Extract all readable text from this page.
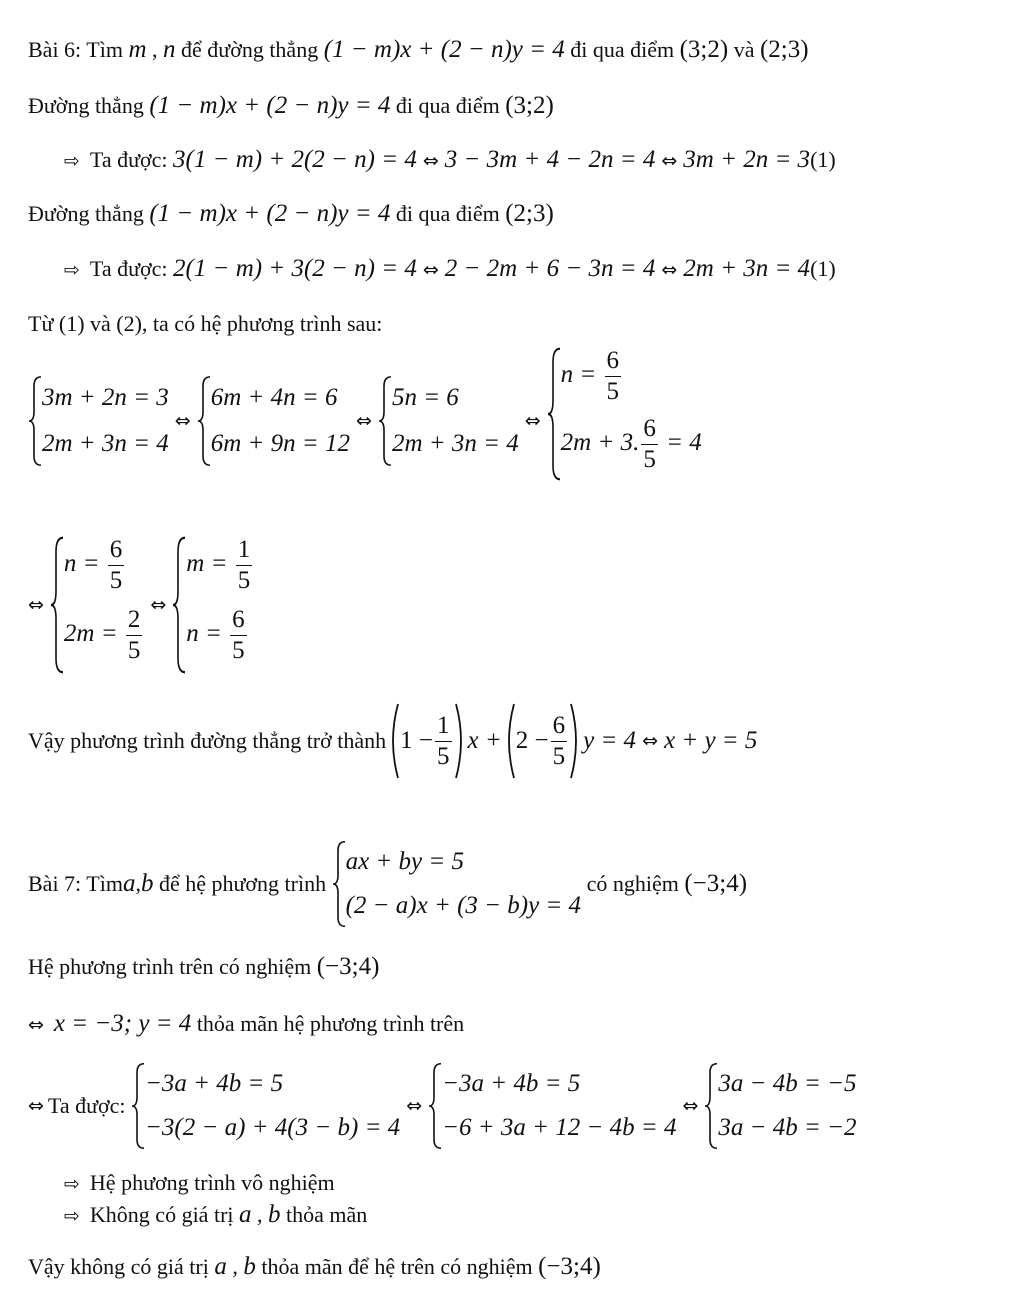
Bài 6: Tìm m , n để đường thẳng (1 − m)x + (2 − n)y = 4 đi qua điểm (3;2) và (2;3)
Đường thẳng (1 − m)x + (2 − n)y = 4 đi qua điểm (3;2)
⇨ Ta được: 3(1 − m) + 2(2 − n) = 4 ⇔ 3 − 3m + 4 − 2n = 4 ⇔ 3m + 2n = 3(1)
Đường thẳng (1 − m)x + (2 − n)y = 4 đi qua điểm (2;3)
⇨ Ta được: 2(1 − m) + 3(2 − n) = 4 ⇔ 2 − 2m + 6 − 3n = 4 ⇔ 2m + 3n = 4(1)
Từ (1) và (2), ta có hệ phương trình sau:
3m + 2n = 3
2m + 3n = 4
⇔
6m + 4n = 6
6m + 9n = 12
⇔
5n = 6
2m + 3n = 4
⇔
$n = \frac{6}{5}$
2m + 3. $\frac{6}{5} = 4$
⇔
$n = \frac{6}{5}$
$2m = \frac{2}{5}$ ⇔
$m = \frac{1}{5}$
$n = \frac{6}{5}$
Vậy phương trình đường thẳng trở thành $1 - \frac{1}{5}$ $x + 2 - \frac{6}{5}$ y = 4 ⇔ x + y = 5
Bài 7: Tìm a , b để hệ phương trình
ax + by = 5
(2 − a)x + (3 − b)y = 4
có nghiệm (−3;4)
Hệ phương trình trên có nghiệm (−3;4)
⇔ x = −3; y = 4 thỏa mãn hệ phương trình trên
⇔ Ta được:
−3a + 4b = 5
−3(2 − a) + 4(3 − b) = 4
⇔
−3a + 4b = 5
−6 + 3a + 12 − 4b = 4
⇔
3a − 4b = −5
3a − 4b = −2
⇨ Hệ phương trình vô nghiệm
⇨ Không có giá trị a , b thỏa mãn
Vậy không có giá trị a , b thỏa mãn để hệ trên có nghiệm (−3;4)
